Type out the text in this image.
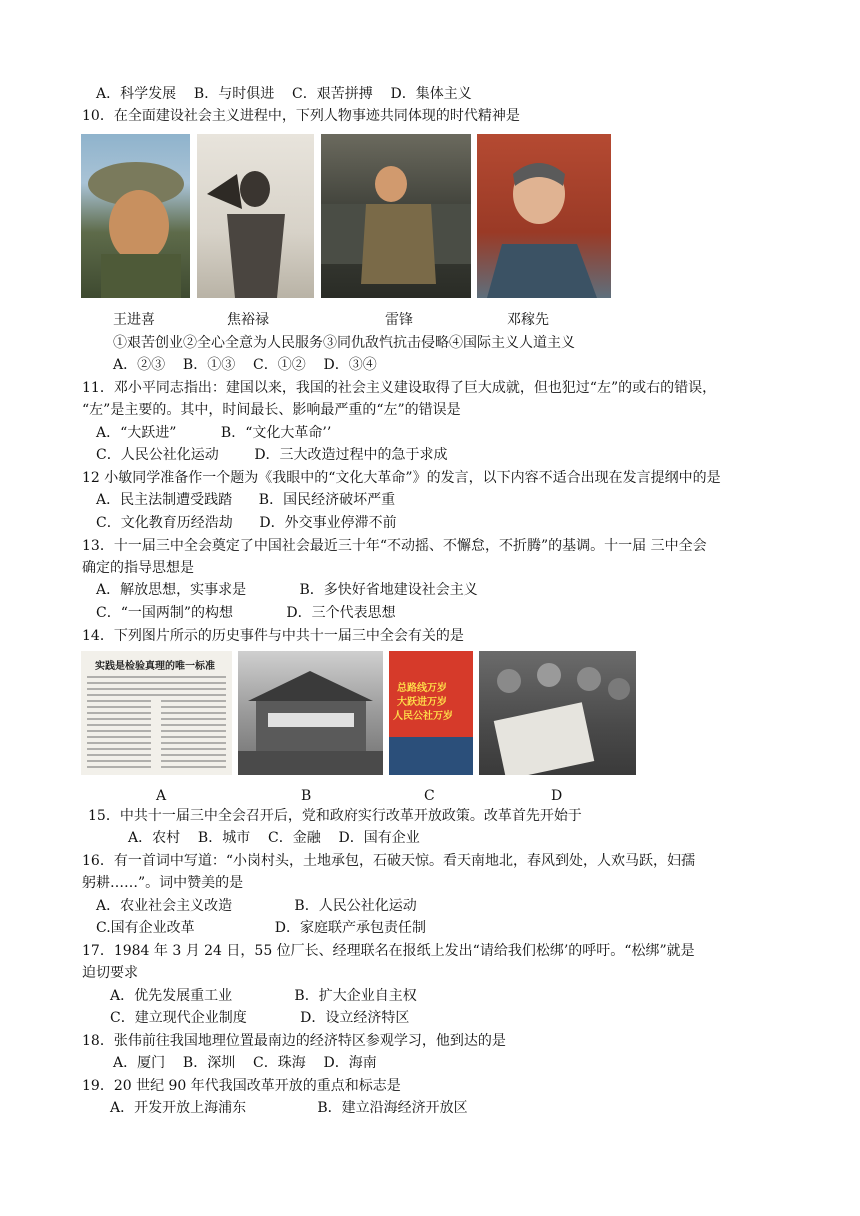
A．科学发展    B．与时俱进    C．艰苦拼搏    D．集体主义
10．在全面建设社会主义进程中，下列人物事迹共同体现的时代精神是
王进喜	焦裕禄	雷锋	邓稼先
①艰苦创业②全心全意为人民服务③同仇敌忾抗击侵略④国际主义人道主义
A．②③    B．①③    C．①②    D．③④
11．邓小平同志指出：建国以来，我国的社会主义建设取得了巨大成就，但也犯过“左”的或右的错误，
“左”是主要的。其中，时间最长、影响最严重的“左”的错误是
A．“大跃进”          B．“文化大革命’’
C．人民公社化运动        D．三大改造过程中的急于求成
12 小敏同学准备作一个题为《我眼中的“文化大革命”》的发言，以下内容不适合出现在发言提纲中的是
A．民主法制遭受践踏      B．国民经济破坏严重
C．文化教育历经浩劫      D．外交事业停滞不前
13．十一届三中全会奠定了中国社会最近三十年“不动摇、不懈怠，不折腾”的基调。十一届 三中全会
确定的指导思想是
A．解放思想，实事求是            B．多快好省地建设社会主义
C．“一国两制”的构想            D．三个代表思想
14．下列图片所示的历史事件与中共十一届三中全会有关的是
实践是检验真理的唯一标准
总路线万岁
大跃进万岁
人民公社万岁
A	B	C	D
15．中共十一届三中全会召开后，党和政府实行改革开放政策。改革首先开始于
A．农村    B．城市    C．金融    D．国有企业
16．有一首词中写道：“小岗村头，土地承包，石破天惊。看天南地北，春风到处，人欢马跃，妇孺
躬耕……”。词中赞美的是
A．农业社会主义改造              B．人民公社化运动
C.国有企业改革                  D．家庭联产承包责任制
17．1984 年 3 月 24 日，55 位厂长、经理联名在报纸上发出“请给我们松绑’的呼吁。“松绑”就是
迫切要求
A．优先发展重工业              B．扩大企业自主权
C．建立现代企业制度            D．设立经济特区
18．张伟前往我国地理位置最南边的经济特区参观学习，他到达的是
A．厦门    B．深圳    C．珠海    D．海南
19．20 世纪 90 年代我国改革开放的重点和标志是
A．开发开放上海浦东                B．建立沿海经济开放区
